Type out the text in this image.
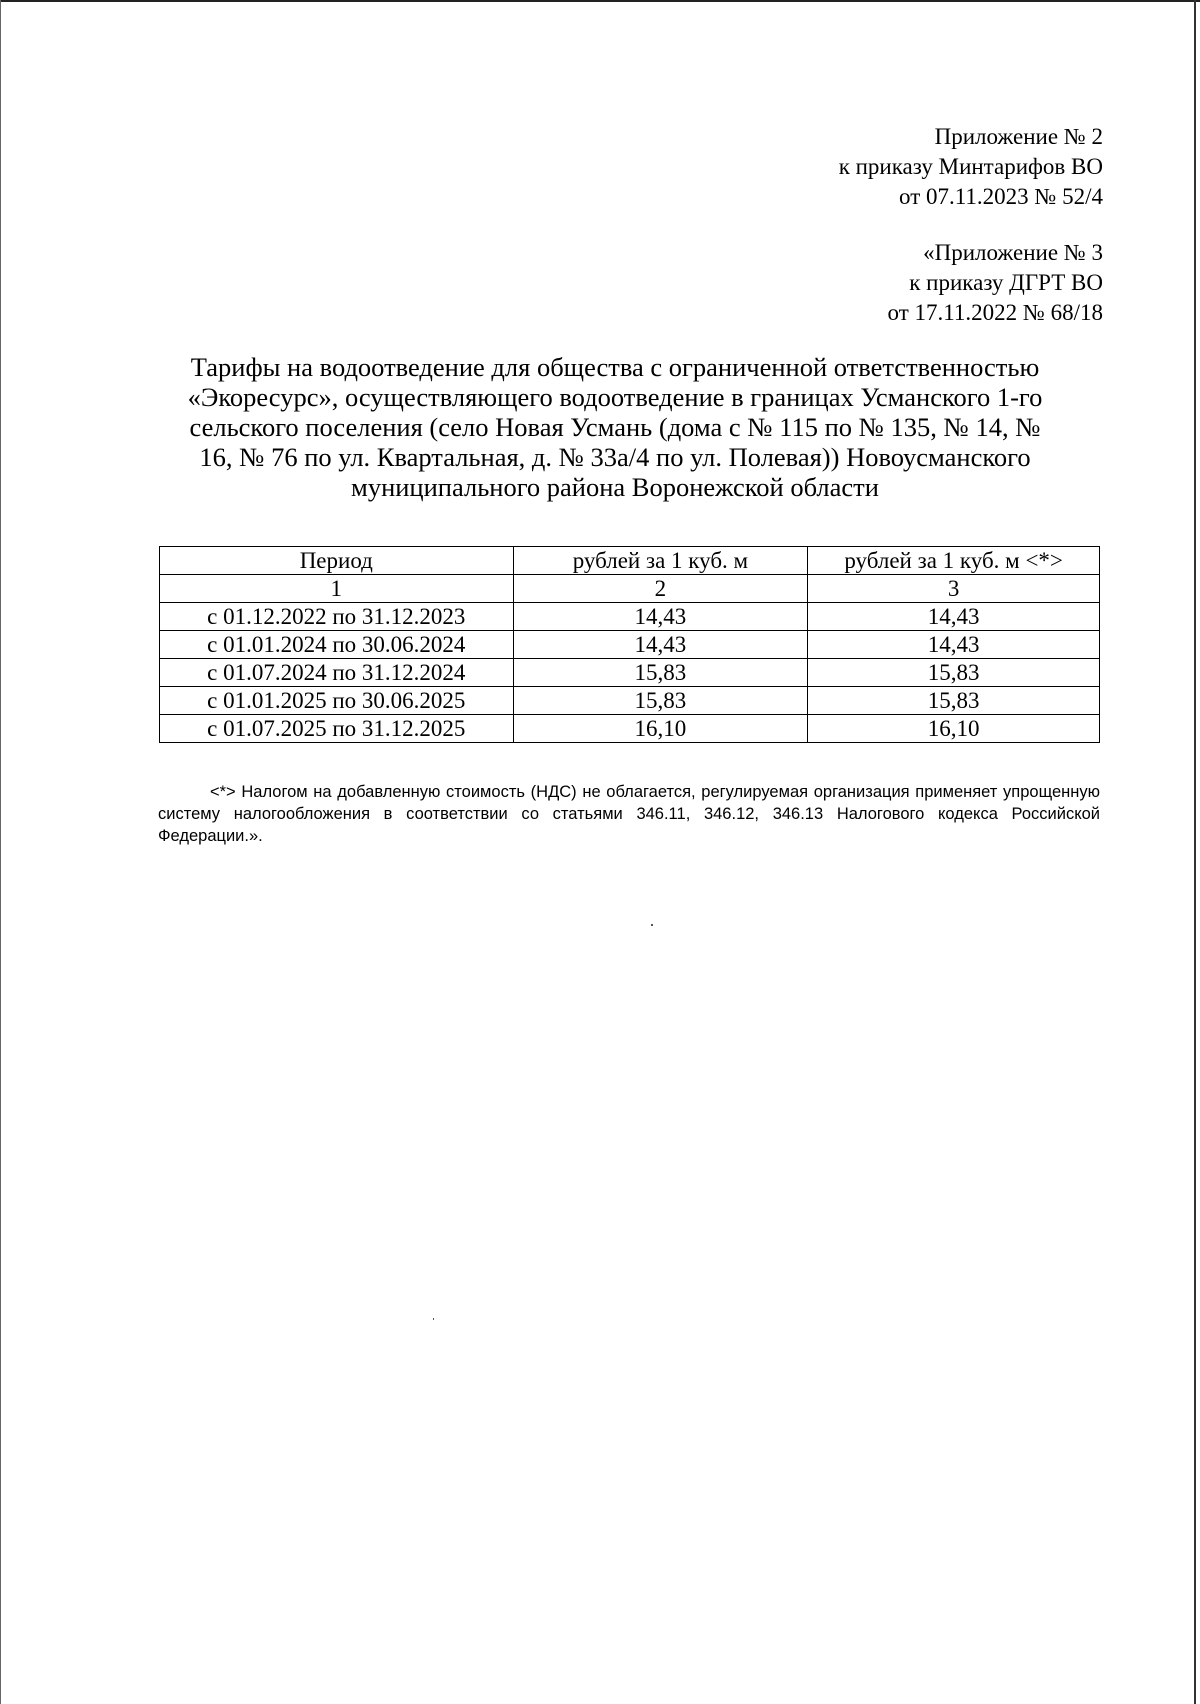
Приложение № 2
к приказу Минтарифов ВО
от 07.11.2023 № 52/4
«Приложение № 3
к приказу ДГРТ ВО
от 17.11.2022 № 68/18
Тарифы на водоотведение для общества с ограниченной ответственностью
«Экоресурс», осуществляющего водоотведение в границах Усманского 1-го
сельского поселения (село Новая Усмань (дома с № 115 по № 135, № 14, №
16, № 76 по ул. Квартальная, д. № 33а/4 по ул. Полевая)) Новоусманского
муниципального района Воронежской области
Период	рублей за 1 куб. м	рублей за 1 куб. м <*>
1	2	3
с 01.12.2022 по 31.12.2023	14,43	14,43
с 01.01.2024 по 30.06.2024	14,43	14,43
с 01.07.2024 по 31.12.2024	15,83	15,83
с 01.01.2025 по 30.06.2025	15,83	15,83
с 01.07.2025 по 31.12.2025	16,10	16,10
<*> Налогом на добавленную стоимость (НДС) не облагается, регулируемая организация применяет упрощенную систему налогообложения в соответствии со статьями 346.11, 346.12, 346.13 Налогового кодекса Российской Федерации.».
